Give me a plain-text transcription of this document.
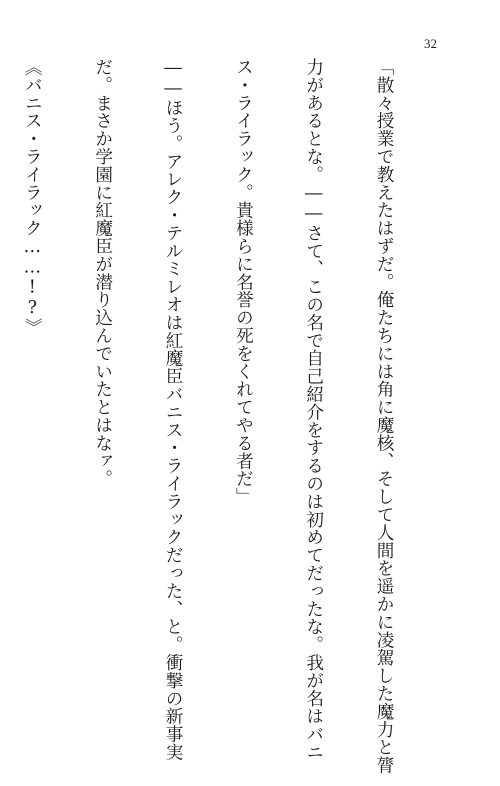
32

「散々授業で教えたはずだ。俺たちには角に魔核、そして人間を遥かに凌駕した魔力と膂

力があるとな。――さて、この名で自己紹介をするのは初めてだったな。我が名はバニ

ス・ライラック。貴様らに名誉の死をくれてやる者だ」

――ほう。アレク・テルミレオは紅魔臣バニス・ライラックだった、と。衝撃の新事実

だ。まさか学園に紅魔臣が潜り込んでいたとはなァ。

《バニス・ライラック……!?》
